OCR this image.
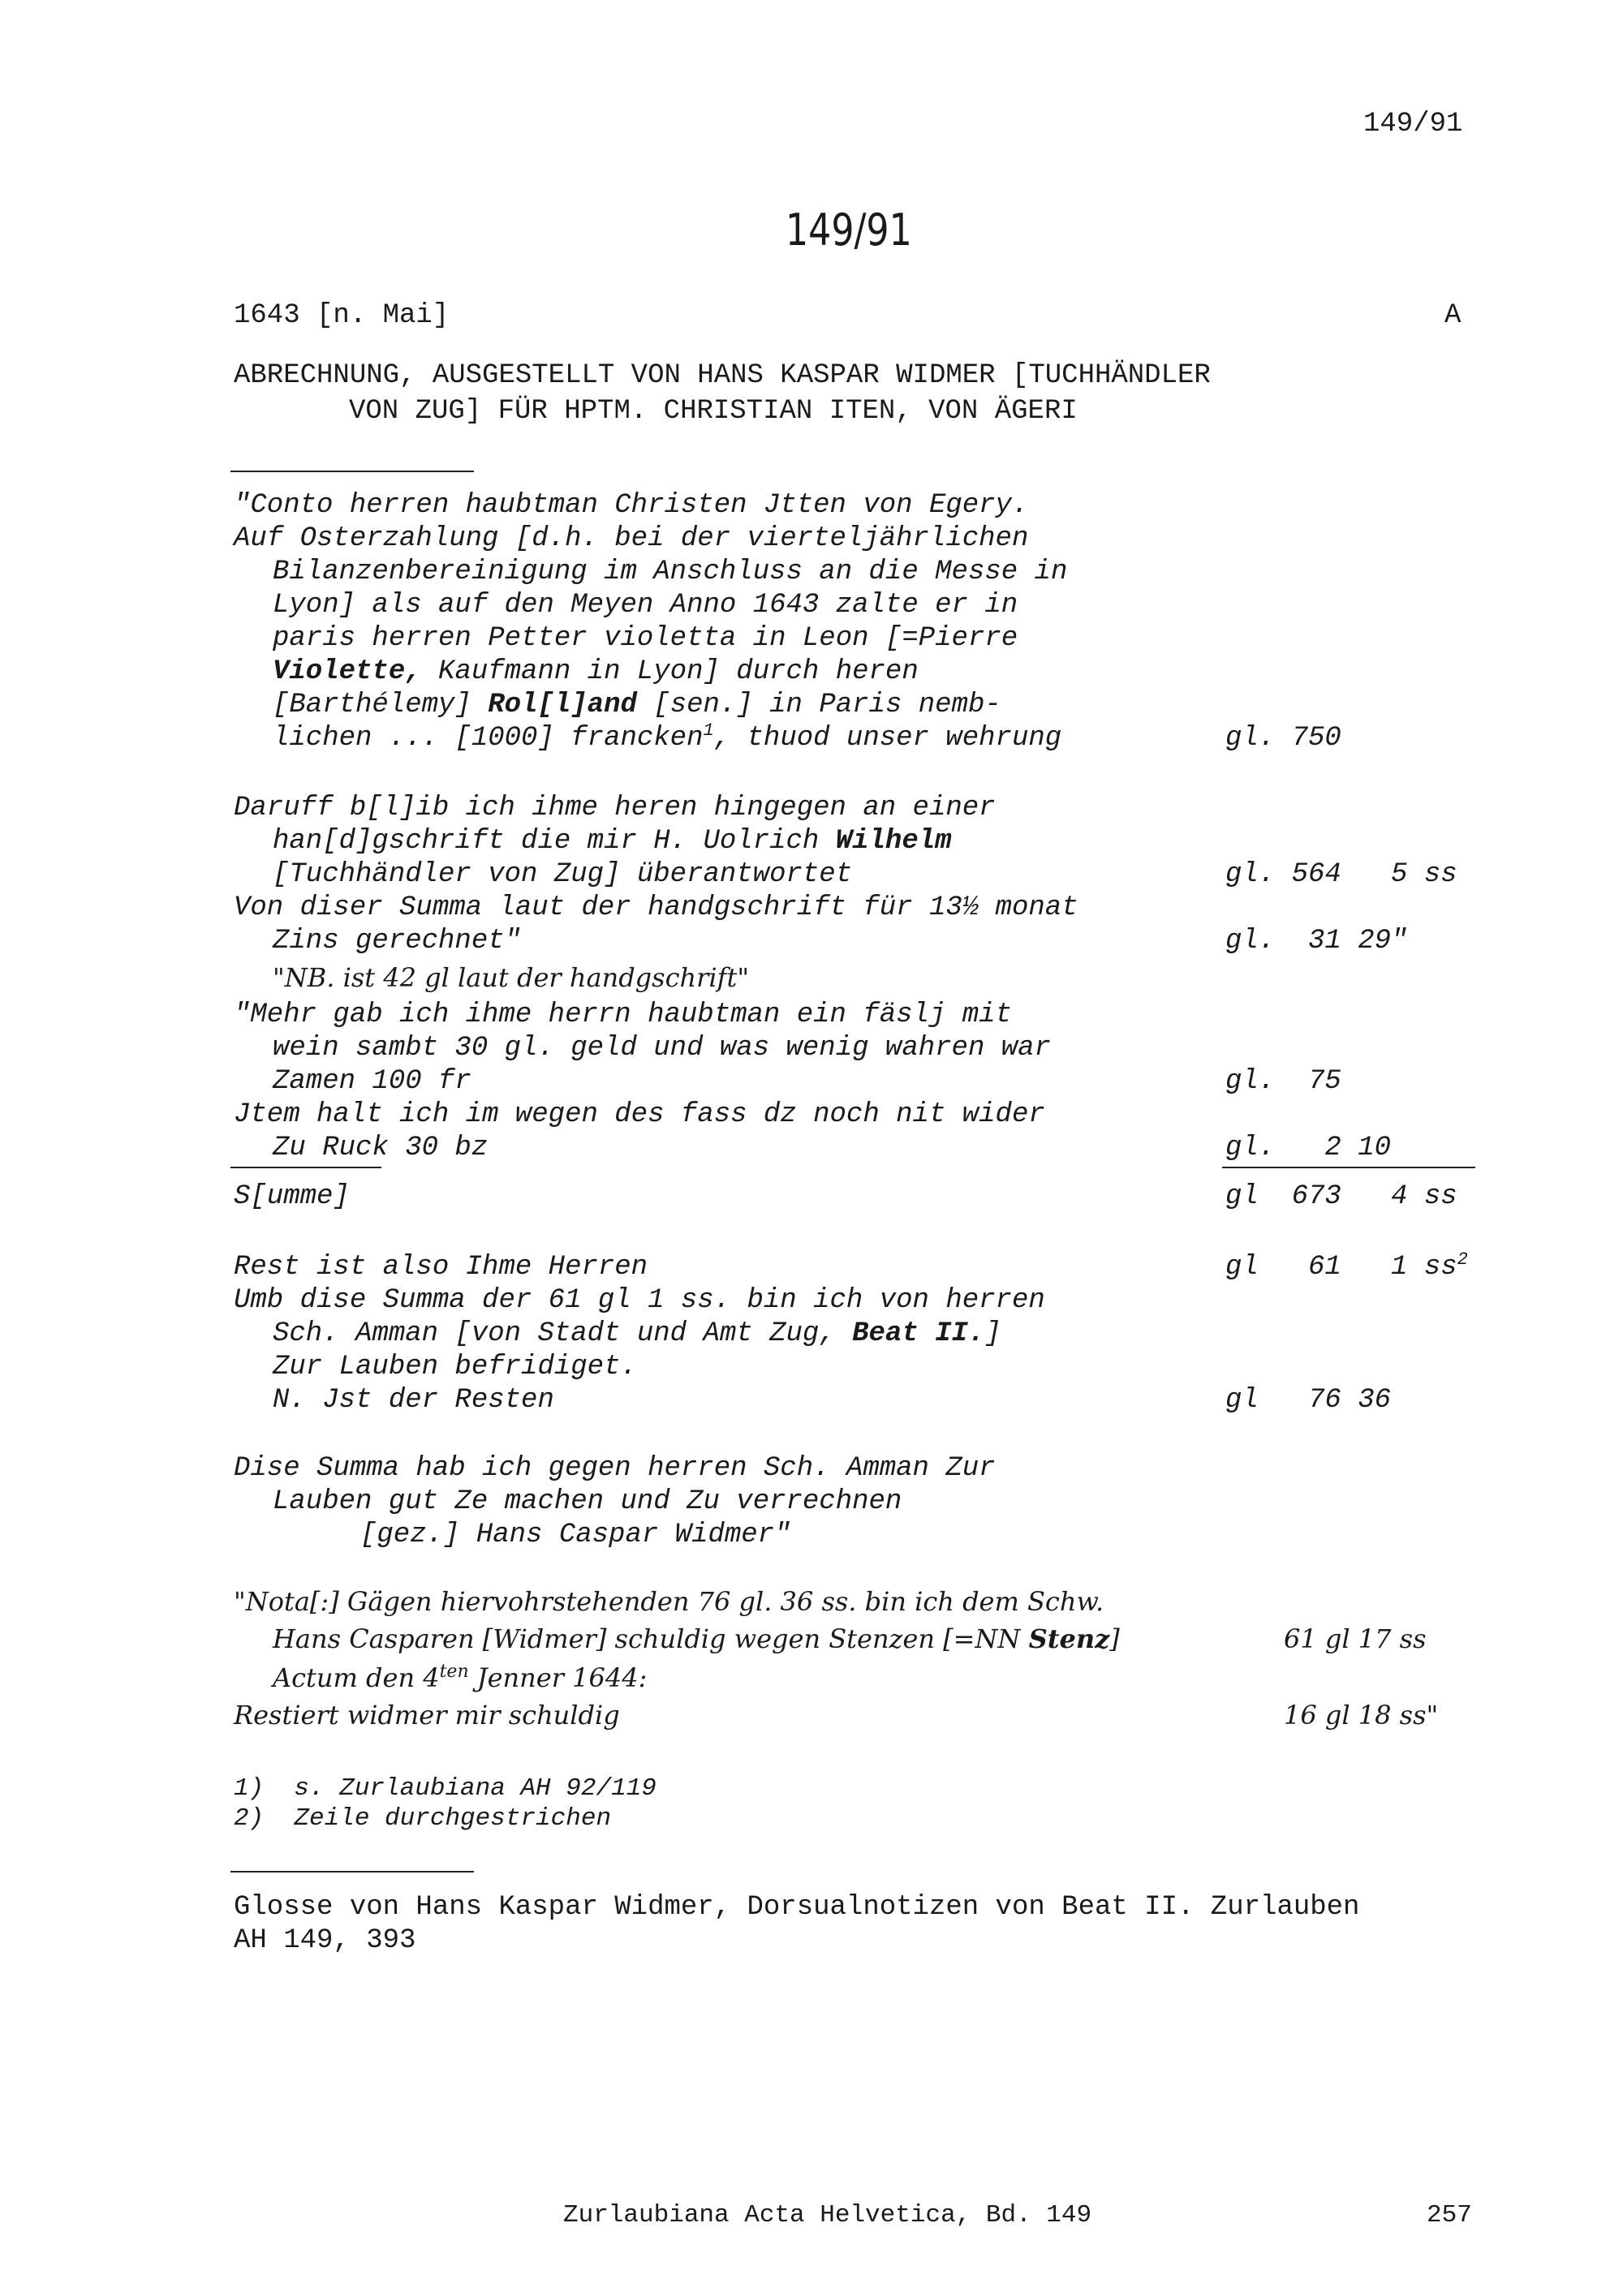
149/91
149/91
1643 [n. Mai]	A
ABRECHNUNG, AUSGESTELLT VON HANS KASPAR WIDMER [TUCHHÄNDLER
VON ZUG] FÜR HPTM. CHRISTIAN ITEN, VON ÄGERI
"Conto herren haubtman Christen Jtten von Egery.
Auf Osterzahlung [d.h. bei der vierteljährlichen
Bilanzenbereinigung im Anschluss an die Messe in
Lyon] als auf den Meyen Anno 1643 zalte er in
paris herren Petter violetta in Leon [=Pierre
Violette, Kaufmann in Lyon] durch heren
[Barthélemy] Rol[l]and [sen.] in Paris nemb-
lichen ... [1000] francken$^1$, thuod unser wehrung	gl. 750
Daruff b[l]ib ich ihme heren hingegen an einer
han[d]gschrift die mir H. Uolrich Wilhelm
[Tuchhändler von Zug] überantwortet	gl. 564   5 ss
Von diser Summa laut der handgschrift für 13½ monat
Zins gerechnet"	gl.  31 29"
"NB. ist 42 gl laut der handgschrift"
"Mehr gab ich ihme herrn haubtman ein fäslj mit
wein sambt 30 gl. geld und was wenig wahren war
Zamen 100 fr	gl.  75
Jtem halt ich im wegen des fass dz noch nit wider
Zu Ruck 30 bz	gl.   2 10
S[umme]	gl  673   4 ss
Rest ist also Ihme Herren	gl   61   1 $ss^2$
Umb dise Summa der 61 gl 1 ss. bin ich von herren
Sch. Amman [von Stadt und Amt Zug, Beat II.]
Zur Lauben befridiget.
N. Jst der Resten	gl   76 36
Dise Summa hab ich gegen herren Sch. Amman Zur
Lauben gut Ze machen und Zu verrechnen
[gez.] Hans Caspar Widmer"
"Nota[:] Gägen hiervohrstehenden 76 gl. 36 ss. bin ich dem Schw.
Hans Casparen [Widmer] schuldig wegen Stenzen [=NN Stenz]	61 gl 17 ss
Actum den $4^{ten}$ Jenner 1644:
Restiert widmer mir schuldig	16 gl 18 ss"
1)  s. Zurlaubiana AH 92/119
2)  Zeile durchgestrichen
Glosse von Hans Kaspar Widmer, Dorsualnotizen von Beat II. Zurlauben
AH 149, 393
Zurlaubiana Acta Helvetica, Bd. 149	257
